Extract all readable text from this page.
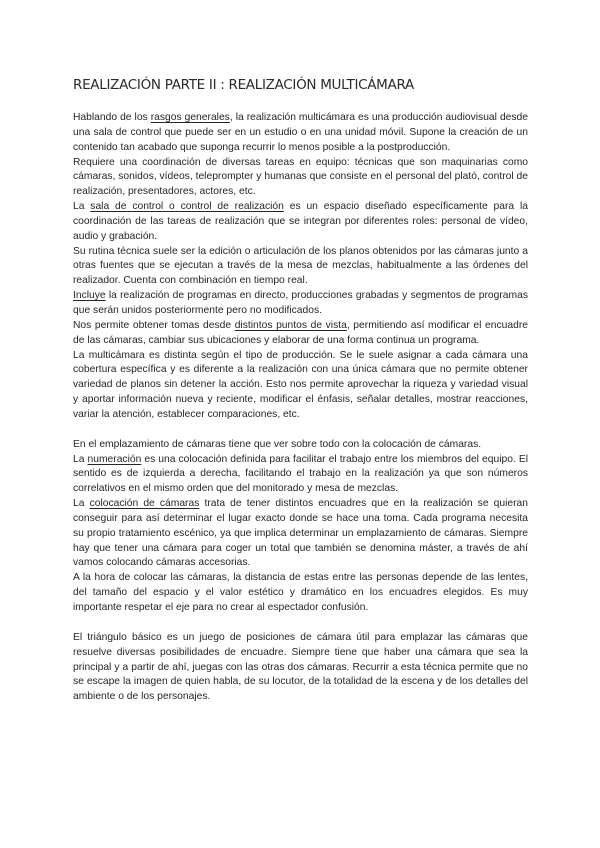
REALIZACIÓN PARTE II : REALIZACIÓN MULTICÁMARA

Hablando de los rasgos generales, la realización multicámara es una producción audiovisual desde una sala de control que puede ser en un estudio o en una unidad móvil. Supone la creación de un contenido tan acabado que suponga recurrir lo menos posible a la postproducción.

Requiere una coordinación de diversas tareas en equipo: técnicas que son maquinarias como cámaras, sonidos, vídeos, teleprompter y humanas que consiste en el personal del plató, control de realización, presentadores, actores, etc.

La sala de control o control de realización es un espacio diseñado específicamente para la coordinación de las tareas de realización que se integran por diferentes roles: personal de vídeo, audio y grabación.

Su rutina técnica suele ser la edición o articulación de los planos obtenidos por las cámaras junto a otras fuentes que se ejecutan a través de la mesa de mezclas, habitualmente a las órdenes del realizador. Cuenta con combinación en tiempo real.

Incluye la realización de programas en directo, producciones grabadas y segmentos de programas que serán unidos posteriormente pero no modificados.

Nos permite obtener tomas desde distintos puntos de vista, permitiendo así modificar el encuadre de las cámaras, cambiar sus ubicaciones y elaborar de una forma continua un programa.

La multicámara es distinta según el tipo de producción. Se le suele asignar a cada cámara una cobertura específica y es diferente a la realización con una única cámara que no permite obtener variedad de planos sin detener la acción. Esto nos permite aprovechar la riqueza y variedad visual y aportar información nueva y reciente, modificar el énfasis, señalar detalles, mostrar reacciones, variar la atención, establecer comparaciones, etc.

En el emplazamiento de cámaras tiene que ver sobre todo con la colocación de cámaras.

La numeración es una colocación definida para facilitar el trabajo entre los miembros del equipo. El sentido es de izquierda a derecha, facilitando el trabajo en la realización ya que son números correlativos en el mismo orden que del monitorado y mesa de mezclas.

La colocación de cámaras trata de tener distintos encuadres que en la realización se quieran conseguir para así determinar el lugar exacto donde se hace una toma. Cada programa necesita su propio tratamiento escénico, ya que implica determinar un emplazamiento de cámaras. Siempre hay que tener una cámara para coger un total que también se denomina máster, a través de ahí vamos colocando cámaras accesorias.

A la hora de colocar las cámaras, la distancia de estas entre las personas depende de las lentes, del tamaño del espacio y el valor estético y dramático en los encuadres elegidos. Es muy importante respetar el eje para no crear al espectador confusión.

El triángulo básico es un juego de posiciones de cámara útil para emplazar las cámaras que resuelve diversas posibilidades de encuadre. Siempre tiene que haber una cámara que sea la principal y a partir de ahí, juegas con las otras dos cámaras. Recurrir a esta técnica permite que no se escape la imagen de quien habla, de su locutor, de la totalidad de la escena y de los detalles del ambiente o de los personajes.
